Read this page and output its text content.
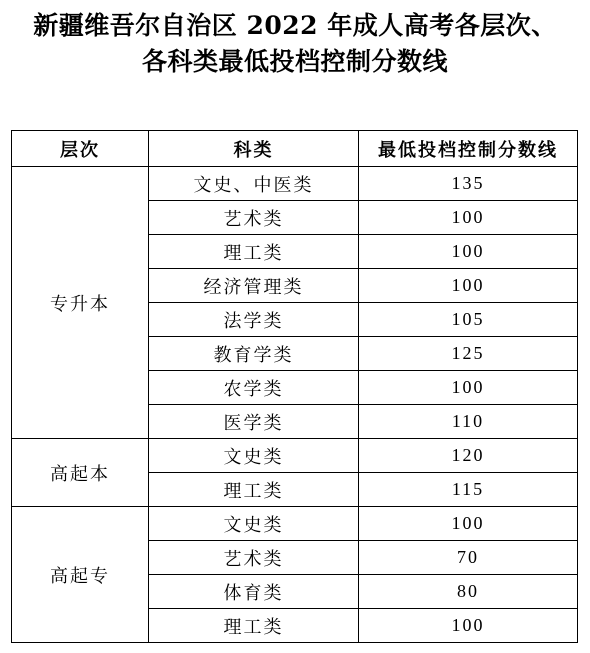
新疆维吾尔自治区 2022 年成人高考各层次、
各科类最低投档控制分数线
层次	科类	最低投档控制分数线
专升本	文史、中医类	135
	艺术类	100
	理工类	100
	经济管理类	100
	法学类	105
	教育学类	125
	农学类	100
	医学类	110
高起本	文史类	120
	理工类	115
高起专	文史类	100
	艺术类	70
	体育类	80
	理工类	100
